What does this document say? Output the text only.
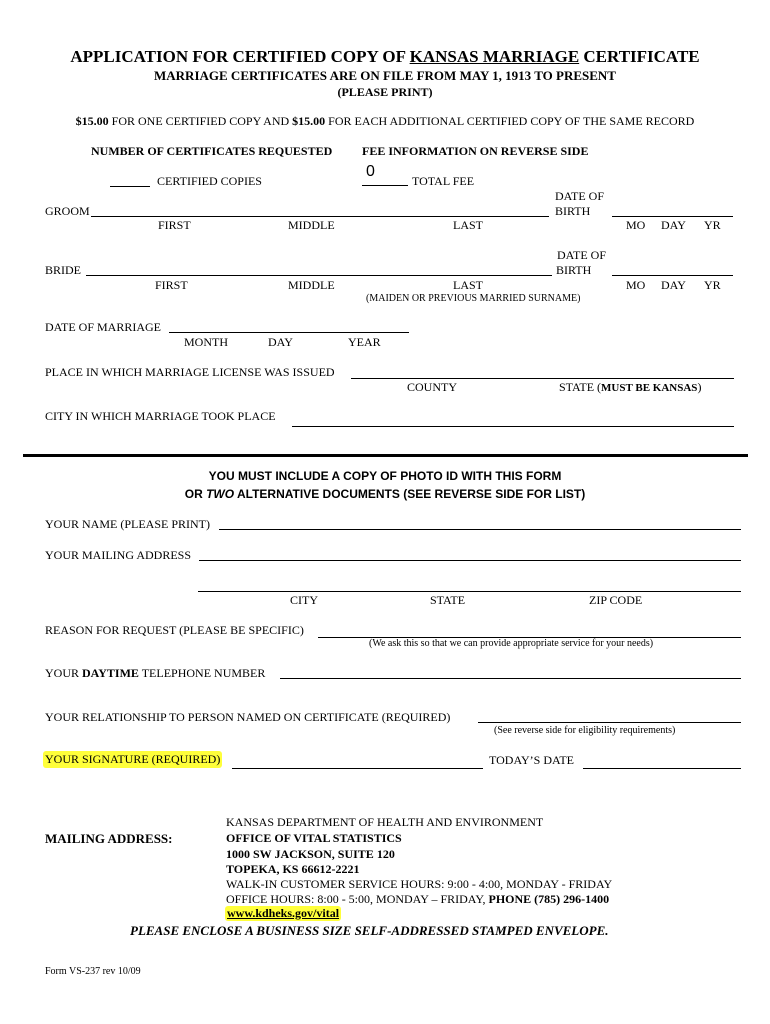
APPLICATION FOR CERTIFIED COPY OF KANSAS MARRIAGE CERTIFICATE
MARRIAGE CERTIFICATES ARE ON FILE FROM MAY 1, 1913 TO PRESENT
(PLEASE PRINT)
$15.00 FOR ONE CERTIFIED COPY AND $15.00 FOR EACH ADDITIONAL CERTIFIED COPY OF THE SAME RECORD
NUMBER OF CERTIFICATES REQUESTED FEE INFORMATION ON REVERSE SIDE
CERTIFIED COPIES
0
TOTAL FEE
DATE OF
GROOM	BIRTH
FIRST	MIDDLE	LAST	MO DAY YR
DATE OF
BRIDE	BIRTH
FIRST	MIDDLE	LAST	MO DAY YR
(MAIDEN OR PREVIOUS MARRIED SURNAME)
DATE OF MARRIAGE
MONTH	DAY	YEAR
PLACE IN WHICH MARRIAGE LICENSE WAS ISSUED
COUNTY	STATE (MUST BE KANSAS)
CITY IN WHICH MARRIAGE TOOK PLACE
YOU MUST INCLUDE A COPY OF PHOTO ID WITH THIS FORM
OR TWO ALTERNATIVE DOCUMENTS (SEE REVERSE SIDE FOR LIST)
YOUR NAME (PLEASE PRINT)
YOUR MAILING ADDRESS
CITY	STATE	ZIP CODE
REASON FOR REQUEST (PLEASE BE SPECIFIC)
(We ask this so that we can provide appropriate service for your needs)
YOUR DAYTIME TELEPHONE NUMBER
YOUR RELATIONSHIP TO PERSON NAMED ON CERTIFICATE (REQUIRED)
(See reverse side for eligibility requirements)
YOUR SIGNATURE (REQUIRED)	TODAY’S DATE
MAILING ADDRESS:
KANSAS DEPARTMENT OF HEALTH AND ENVIRONMENT
OFFICE OF VITAL STATISTICS
1000 SW JACKSON, SUITE 120
TOPEKA, KS 66612-2221
WALK-IN CUSTOMER SERVICE HOURS: 9:00 - 4:00, MONDAY - FRIDAY
OFFICE HOURS: 8:00 - 5:00, MONDAY – FRIDAY, PHONE (785) 296-1400
www.kdheks.gov/vital
PLEASE ENCLOSE A BUSINESS SIZE SELF-ADDRESSED STAMPED ENVELOPE.
Form VS-237 rev 10/09
